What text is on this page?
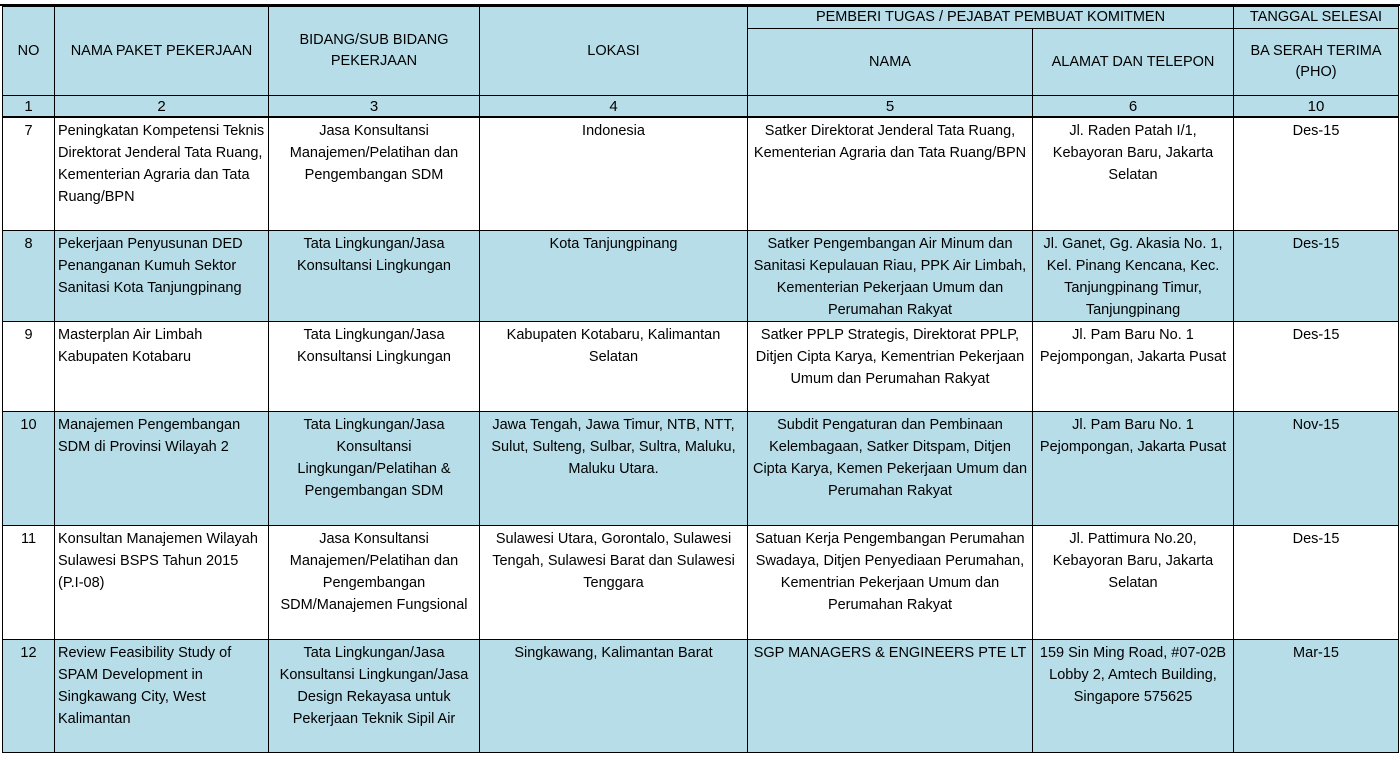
NO	NAMA PAKET PEKERJAAN	BIDANG/SUB BIDANG PEKERJAAN	LOKASI	PEMBERI TUGAS / PEJABAT PEMBUAT KOMITMEN		TANGGAL SELESAI
				NAMA	ALAMAT DAN TELEPON	BA SERAH TERIMA (PHO)
1	2	3	4	5	6	10
7	Peningkatan Kompetensi Teknis Direktorat Jenderal Tata Ruang, Kementerian Agraria dan Tata Ruang/BPN	Jasa Konsultansi Manajemen/Pelatihan dan Pengembangan SDM	Indonesia	Satker Direktorat Jenderal Tata Ruang, Kementerian Agraria dan Tata Ruang/BPN	Jl. Raden Patah I/1, Kebayoran Baru, Jakarta Selatan	Des-15
8	Pekerjaan Penyusunan DED Penanganan Kumuh Sektor Sanitasi Kota Tanjungpinang	Tata Lingkungan/Jasa Konsultansi Lingkungan	Kota Tanjungpinang	Satker Pengembangan Air Minum dan Sanitasi Kepulauan Riau, PPK Air Limbah, Kementerian Pekerjaan Umum dan Perumahan Rakyat	Jl. Ganet, Gg. Akasia No. 1, Kel. Pinang Kencana, Kec. Tanjungpinang Timur, Tanjungpinang	Des-15
9	Masterplan Air Limbah Kabupaten Kotabaru	Tata Lingkungan/Jasa Konsultansi Lingkungan	Kabupaten Kotabaru, Kalimantan Selatan	Satker PPLP Strategis, Direktorat PPLP, Ditjen Cipta Karya, Kementrian Pekerjaan Umum dan Perumahan Rakyat	Jl. Pam Baru No. 1 Pejompongan, Jakarta Pusat	Des-15
10	Manajemen Pengembangan SDM di Provinsi Wilayah 2	Tata Lingkungan/Jasa Konsultansi Lingkungan/Pelatihan & Pengembangan SDM	Jawa Tengah, Jawa Timur, NTB, NTT, Sulut, Sulteng, Sulbar, Sultra, Maluku, Maluku Utara.	Subdit Pengaturan dan Pembinaan Kelembagaan, Satker Ditspam, Ditjen Cipta Karya, Kemen Pekerjaan Umum dan Perumahan Rakyat	Jl. Pam Baru No. 1 Pejompongan, Jakarta Pusat	Nov-15
11	Konsultan Manajemen Wilayah Sulawesi BSPS Tahun 2015 (P.I-08)	Jasa Konsultansi Manajemen/Pelatihan dan Pengembangan SDM/Manajemen Fungsional	Sulawesi Utara, Gorontalo, Sulawesi Tengah, Sulawesi Barat dan Sulawesi Tenggara	Satuan Kerja Pengembangan Perumahan Swadaya, Ditjen Penyediaan Perumahan, Kementrian Pekerjaan Umum dan Perumahan Rakyat	Jl. Pattimura No.20, Kebayoran Baru, Jakarta Selatan	Des-15
12	Review Feasibility Study of SPAM Development in Singkawang City, West Kalimantan	Tata Lingkungan/Jasa Konsultansi Lingkungan/Jasa Design Rekayasa untuk Pekerjaan Teknik Sipil Air	Singkawang, Kalimantan Barat	SGP MANAGERS & ENGINEERS PTE LT	159 Sin Ming Road, #07-02B Lobby 2, Amtech Building, Singapore 575625	Mar-15
